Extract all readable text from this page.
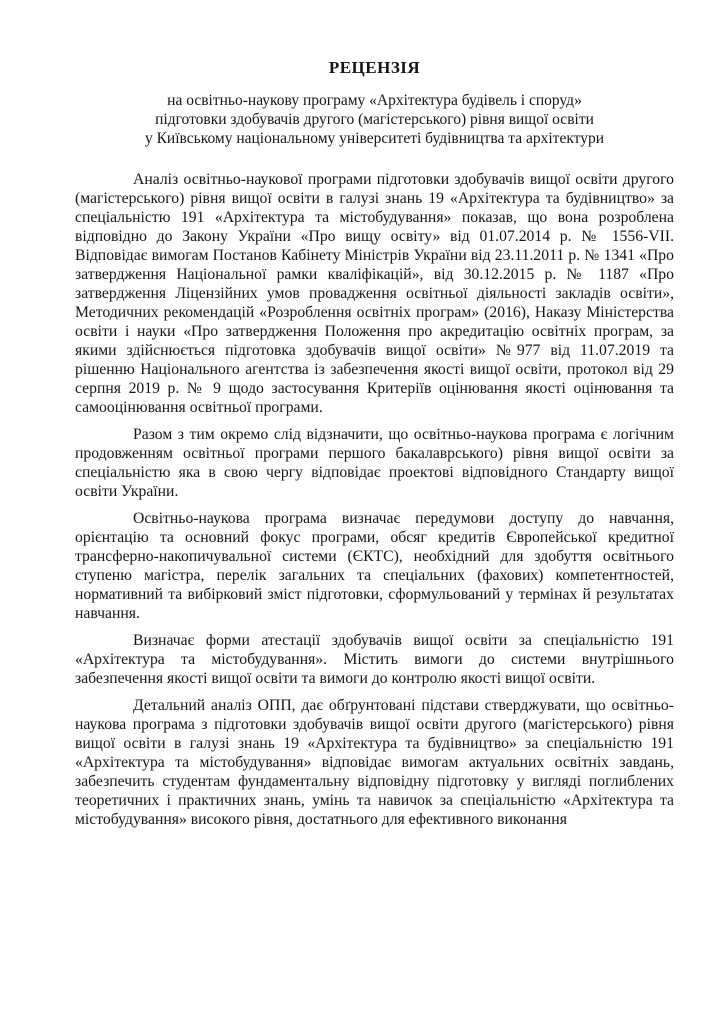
РЕЦЕНЗІЯ
на освітньо-наукову програму «Архітектура будівель і споруд»
підготовки здобувачів другого (магістерського) рівня вищої освіти
у Київському національному університеті будівництва та архітектури

Аналіз освітньо-наукової програми підготовки здобувачів вищої освіти другого (магістерського) рівня вищої освіти в галузі знань 19 «Архітектура та будівництво» за спеціальністю 191 «Архітектура та містобудування» показав, що вона розроблена відповідно до Закону України «Про вищу освіту» від 01.07.2014 р. № 1556-VII. Відповідає вимогам Постанов Кабінету Міністрів України від 23.11.2011 р. № 1341 «Про затвердження Національної рамки кваліфікацій», від 30.12.2015 р. № 1187 «Про затвердження Ліцензійних умов провадження освітньої діяльності закладів освіти», Методичних рекомендацій «Розроблення освітніх програм» (2016), Наказу Міністерства освіти і науки «Про затвердження Положення про акредитацію освітніх програм, за якими здійснюється підготовка здобувачів вищої освіти» №977 від 11.07.2019 та рішенню Національного агентства із забезпечення якості вищої освіти, протокол від 29 серпня 2019 р. № 9 щодо застосування Критеріїв оцінювання якості оцінювання та самооцінювання освітньої програми.

Разом з тим окремо слід відзначити, що освітньо-наукова програма є логічним продовженням освітньої програми першого бакалаврського) рівня вищої освіти за спеціальністю яка в свою чергу відповідає проектові відповідного Стандарту вищої освіти України.

Освітньо-наукова програма визначає передумови доступу до навчання, орієнтацію та основний фокус програми, обсяг кредитів Європейської кредитної трансферно-накопичувальної системи (ЄКТС), необхідний для здобуття освітнього ступеню магістра, перелік загальних та спеціальних (фахових) компетентностей, нормативний та вибірковий зміст підготовки, сформульований у термінах й результатах навчання.

Визначає форми атестації здобувачів вищої освіти за спеціальністю 191 «Архітектура та містобудування». Містить вимоги до системи внутрішнього забезпечення якості вищої освіти та вимоги до контролю якості вищої освіти.

Детальний аналіз ОПП, дає обґрунтовані підстави стверджувати, що освітньо-наукова програма з підготовки здобувачів вищої освіти другого (магістерського) рівня вищої освіти в галузі знань 19 «Архітектура та будівництво» за спеціальністю 191 «Архітектура та містобудування» відповідає вимогам актуальних освітніх завдань, забезпечить студентам фундаментальну відповідну підготовку у вигляді поглиблених теоретичних і практичних знань, умінь та навичок за спеціальністю «Архітектура та містобудування» високого рівня, достатнього для ефективного виконання
